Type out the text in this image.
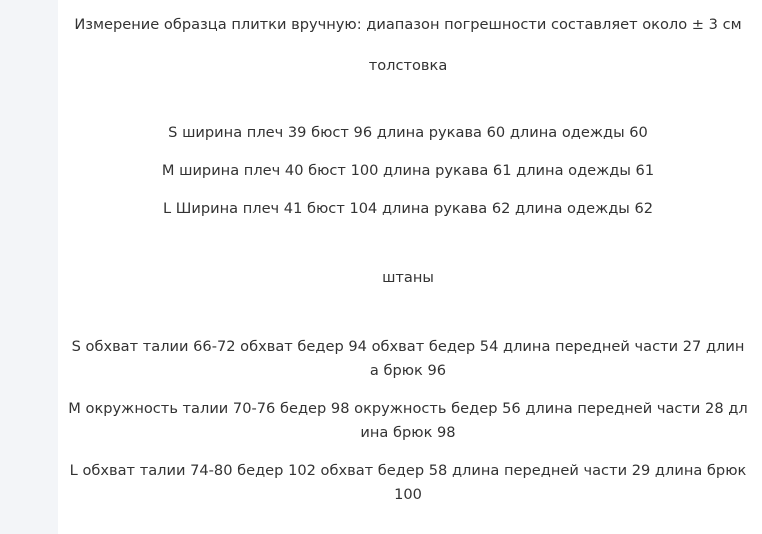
Измерение образца плитки вручную: диапазон погрешности составляет около ± 3 см

толстовка

S ширина плеч 39 бюст 96 длина рукава 60 длина одежды 60

M ширина плеч 40 бюст 100 длина рукава 61 длина одежды 61

L Ширина плеч 41 бюст 104 длина рукава 62 длина одежды 62

штаны

S обхват талии 66-72 обхват бедер 94 обхват бедер 54 длина передней части 27 длина брюк 96

M окружность талии 70-76 бедер 98 окружность бедер 56 длина передней части 28 длина брюк 98

L обхват талии 74-80 бедер 102 обхват бедер 58 длина передней части 29 длина брюк 100
